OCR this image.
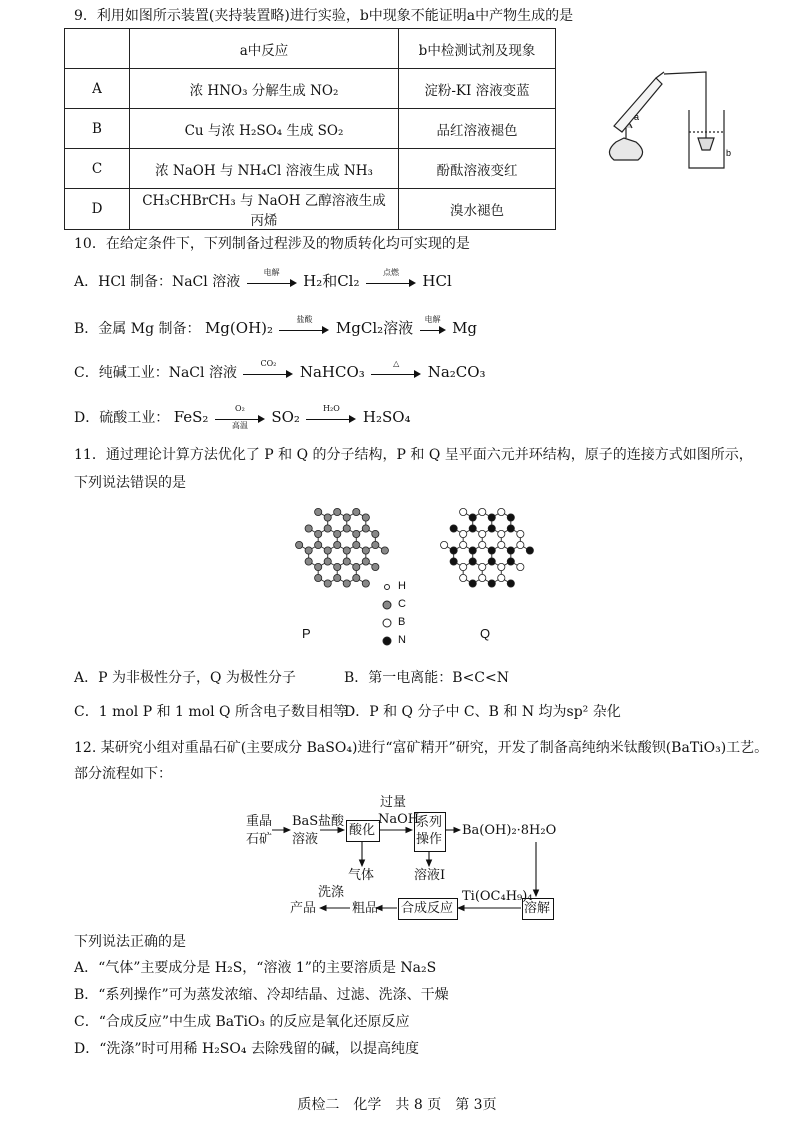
9．利用如图所示装置(夹持装置略)进行实验，b中现象不能证明a中产物生成的是
	a中反应	b中检测试剂及现象
A	浓 HNO₃ 分解生成 NO₂	淀粉-KI 溶液变蓝
B	Cu 与浓 H₂SO₄ 生成 SO₂	品红溶液褪色
C	浓 NaOH 与 NH₄Cl 溶液生成 NH₃	酚酞溶液变红
D	CH₃CHBrCH₃ 与 NaOH 乙醇溶液生成丙烯	溴水褪色
a
b
10．在给定条件下，下列制备过程涉及的物质转化均可实现的是
A．HCl 制备：NaCl 溶液
电解	H₂和Cl₂	点燃	HCl
B．金属 Mg 制备： Mg(OH)₂	盐酸	MgCl₂溶液	电解 Mg
C．纯碱工业：NaCl 溶液
CO₂	NaHCO₃	△	Na₂CO₃
D．硫酸工业： FeS₂	O₂
高温	SO₂	H₂O	H₂SO₄
11．通过理论计算方法优化了 P 和 Q 的分子结构，P 和 Q 呈平面六元并环结构，原子的连接方式如图所示，
下列说法错误的是
P	Q
H
C
B
N
A．P 为非极性分子，Q 为极性分子	B．第一电离能：B<C<N
C．1 mol P 和 1 mol Q 所含电子数目相等
D．P 和 Q 分子中 C、B 和 N 均为sp² 杂化
12. 某研究小组对重晶石矿(主要成分 BaSO₄)进行“富矿精开”研究，开发了制备高纯纳米钛酸钡(BaTiO₃)工艺。
部分流程如下：
重晶
石矿
BaS
溶液
盐酸
酸化
过量
NaOH
系列
操作
Ba(OH)₂·8H₂O
气体	溶液Ⅰ
溶解
Ti(OC₄H₉)₄
合成反应
粗品
洗涤
产品
下列说法正确的是
A．“气体”主要成分是 H₂S，“溶液 1”的主要溶质是 Na₂S
B．“系列操作”可为蒸发浓缩、冷却结晶、过滤、洗涤、干燥
C．“合成反应”中生成 BaTiO₃ 的反应是氧化还原反应
D．“洗涤”时可用稀 H₂SO₄ 去除残留的碱，以提高纯度
质检二　化学　共 8 页　第 3页
